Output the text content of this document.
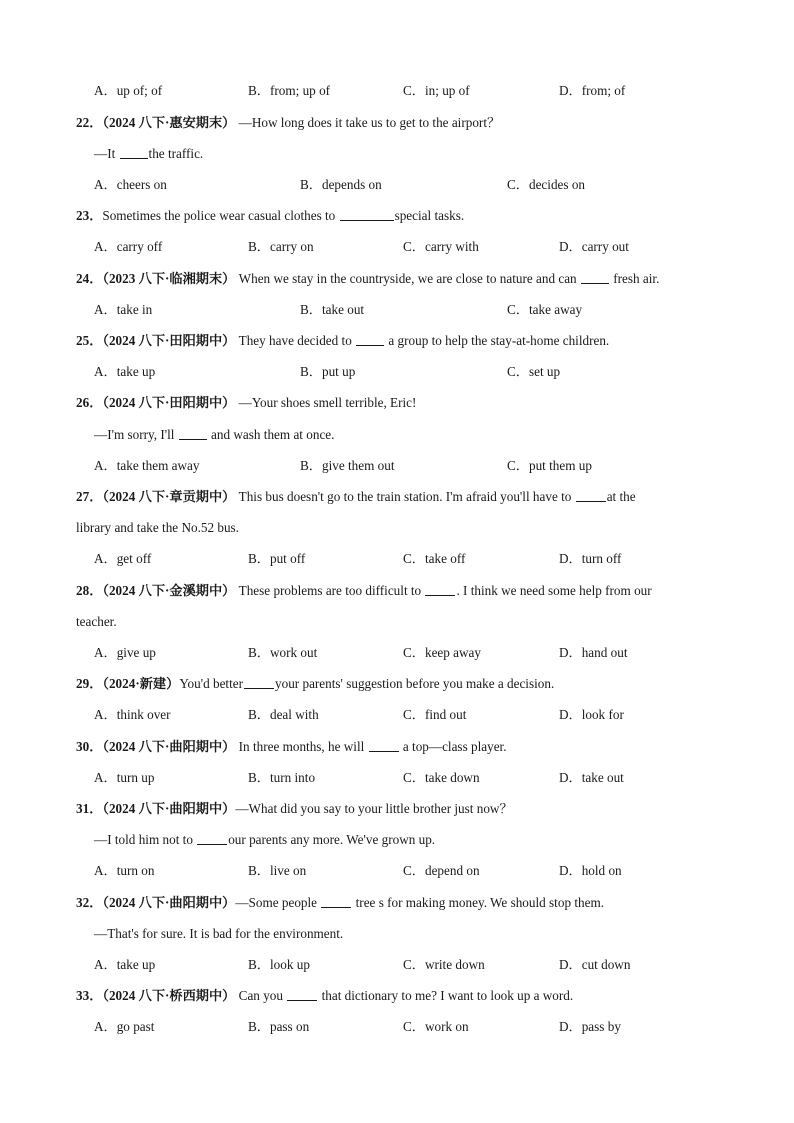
A．up of; of	B．from; up of	C．in; up of	D．from; of
22．（2024 八下·惠安期末） —How long does it take us to get to the airport？
—It the traffic.
A．cheers on	B．depends on	C．decides on
23．Sometimes the police wear casual clothes to	special tasks.
A．carry off	B．carry on	C．carry with	D．carry out
24．（2023 八下·临湘期末） When we stay in the countryside, we are close to nature and can  fresh air.
A．take in	B．take out	C．take away
25．（2024 八下·田阳期中） They have decided to  a group to help the stay-at-home children.
A．take up	B．put up	C．set up
26．（2024 八下·田阳期中） —Your shoes smell terrible, Eric!
—I'm sorry, I'll  and wash them at once.
A．take them away	B．give them out	C．put them up
27．（2024 八下·章贡期中） This bus doesn't go to the train station. I'm afraid you'll have to at the
library and take the No.52 bus.
A．get off	B．put off	C．take off	D．turn off
28．（2024 八下·金溪期中） These problems are too difficult to . I think we need some help from our
teacher.
A．give up	B．work out	C．keep away	D．hand out
29．（2024·新建）You'd better your parents' suggestion before you make a decision.
A．think over	B．deal with	C．find out	D．look for
30．（2024 八下·曲阳期中） In three months, he will  a top—class player.
A．turn up	B．turn into	C．take down	D．take out
31．（2024 八下·曲阳期中）—What did you say to your little brother just now？
—I told him not to our parents any more. We've grown up.
A．turn on	B．live on	C．depend on	D．hold on
32．（2024 八下·曲阳期中）—Some people  tree s for making money. We should stop them.
—That's for sure. It is bad for the environment.
A．take up	B．look up	C．write down	D．cut down
33．（2024 八下·桥西期中） Can you  that dictionary to me? I want to look up a word.
A．go past	B．pass on	C．work on	D．pass by
